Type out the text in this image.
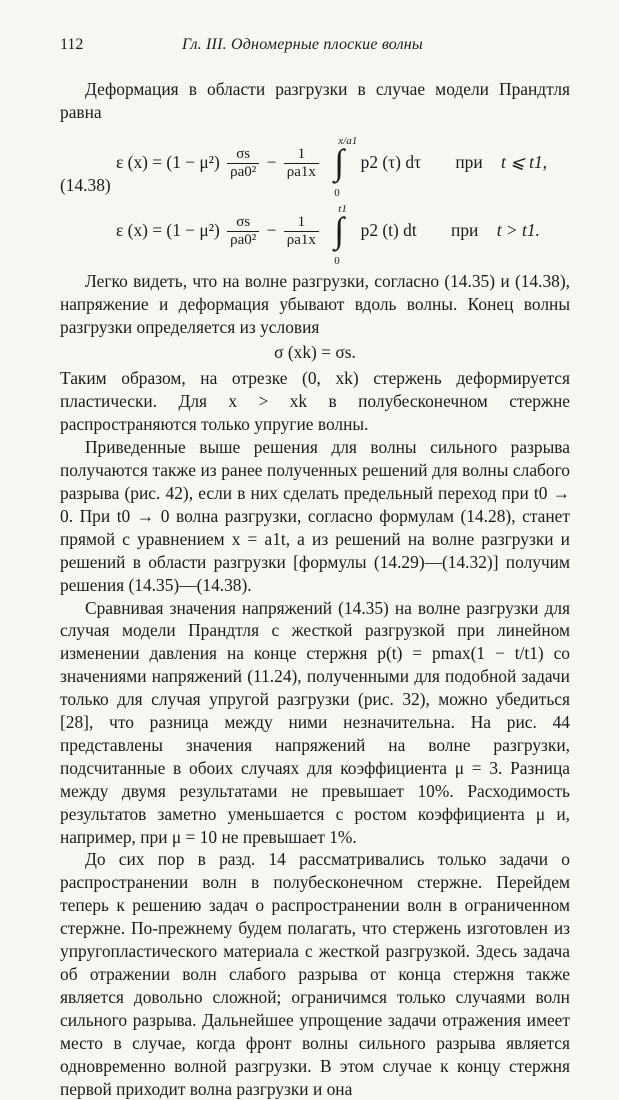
112	Гл. III. Одномерные плоские волны

Деформация в области разгрузки в случае модели Прандтля равна

(14.38)
ε $(x) = (1 - \mu^2) \frac{\sigma s}{\text{ρa0²}} - \frac{1}{\rho a1x}$

x/a1
∫
0
p2 (τ) dτ при t ⩽ t1,
ε $(x) = (1 - \mu^2) \frac{\sigma s}{\text{ρa0²}} - \frac{1}{\rho a1x}$

t1
∫
0
p2 (t) dt при t > t1.

Легко видеть, что на волне разгрузки, согласно (14.35) и (14.38), напряжение и деформация убывают вдоль волны. Конец волны разгрузки определяется из условия

σ (xk) = σs.

Таким образом, на отрезке (0, xk) стержень деформируется пластически. Для x > xk в полубесконечном стержне распространяются только упругие волны.

Приведенные выше решения для волны сильного разрыва получаются также из ранее полученных решений для волны слабого разрыва (рис. 42), если в них сделать предельный переход при t0 → 0. При t0 → 0 волна разгрузки, согласно формулам (14.28), станет прямой с уравнением x = a1t, а из решений на волне разгрузки и решений в области разгрузки [формулы (14.29)—(14.32)] получим решения (14.35)—(14.38).

Сравнивая значения напряжений (14.35) на волне разгрузки для случая модели Прандтля с жесткой разгрузкой при линейном изменении давления на конце стержня p(t) = pmax(1 − t/t1) со значениями напряжений (11.24), полученными для подобной задачи только для случая упругой разгрузки (рис. 32), можно убедиться [28], что разница между ними незначительна. На рис. 44 представлены значения напряжений на волне разгрузки, подсчитанные в обоих случаях для коэффициента μ = 3. Разница между двумя результатами не превышает 10%. Расходимость результатов заметно уменьшается с ростом коэффициента μ и, например, при μ = 10 не превышает 1%.

До сих пор в разд. 14 рассматривались только задачи о распространении волн в полубесконечном стержне. Перейдем теперь к решению задач о распространении волн в ограниченном стержне. По-прежнему будем полагать, что стержень изготовлен из упругопластического материала с жесткой разгрузкой. Здесь задача об отражении волн слабого разрыва от конца стержня также является довольно сложной; ограничимся только случаями волн сильного разрыва. Дальнейшее упрощение задачи отражения имеет место в случае, когда фронт волны сильного разрыва является одновременно волной разгрузки. В этом случае к концу стержня первой приходит волна разгрузки и она
